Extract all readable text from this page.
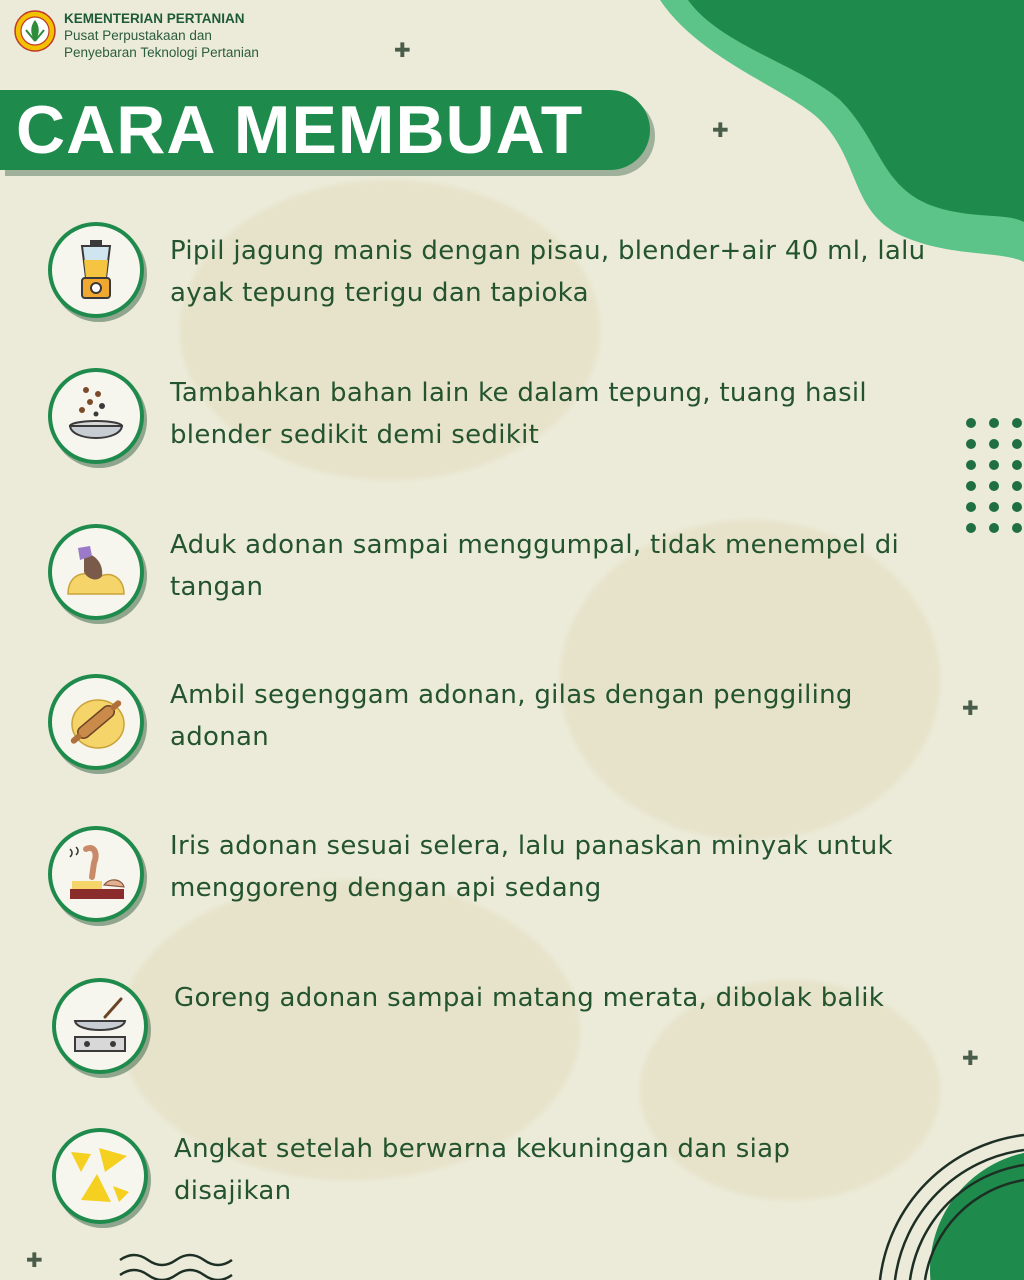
KEMENTERIAN PERTANIAN
Pusat Perpustakaan dan
Penyebaran Teknologi Pertanian
CARA MEMBUAT
Pipil jagung manis dengan pisau, blender+air 40 ml, lalu
ayak tepung terigu dan tapioka
Tambahkan bahan lain ke dalam tepung, tuang hasil
blender sedikit demi sedikit
Aduk adonan sampai menggumpal, tidak menempel di
tangan
Ambil segenggam adonan, gilas dengan penggiling
adonan
Iris adonan sesuai selera, lalu panaskan minyak untuk
menggoreng dengan api sedang
Goreng adonan sampai matang merata, dibolak balik
Angkat setelah berwarna kekuningan dan siap
disajikan
✚
✚
✚
✚
✚
